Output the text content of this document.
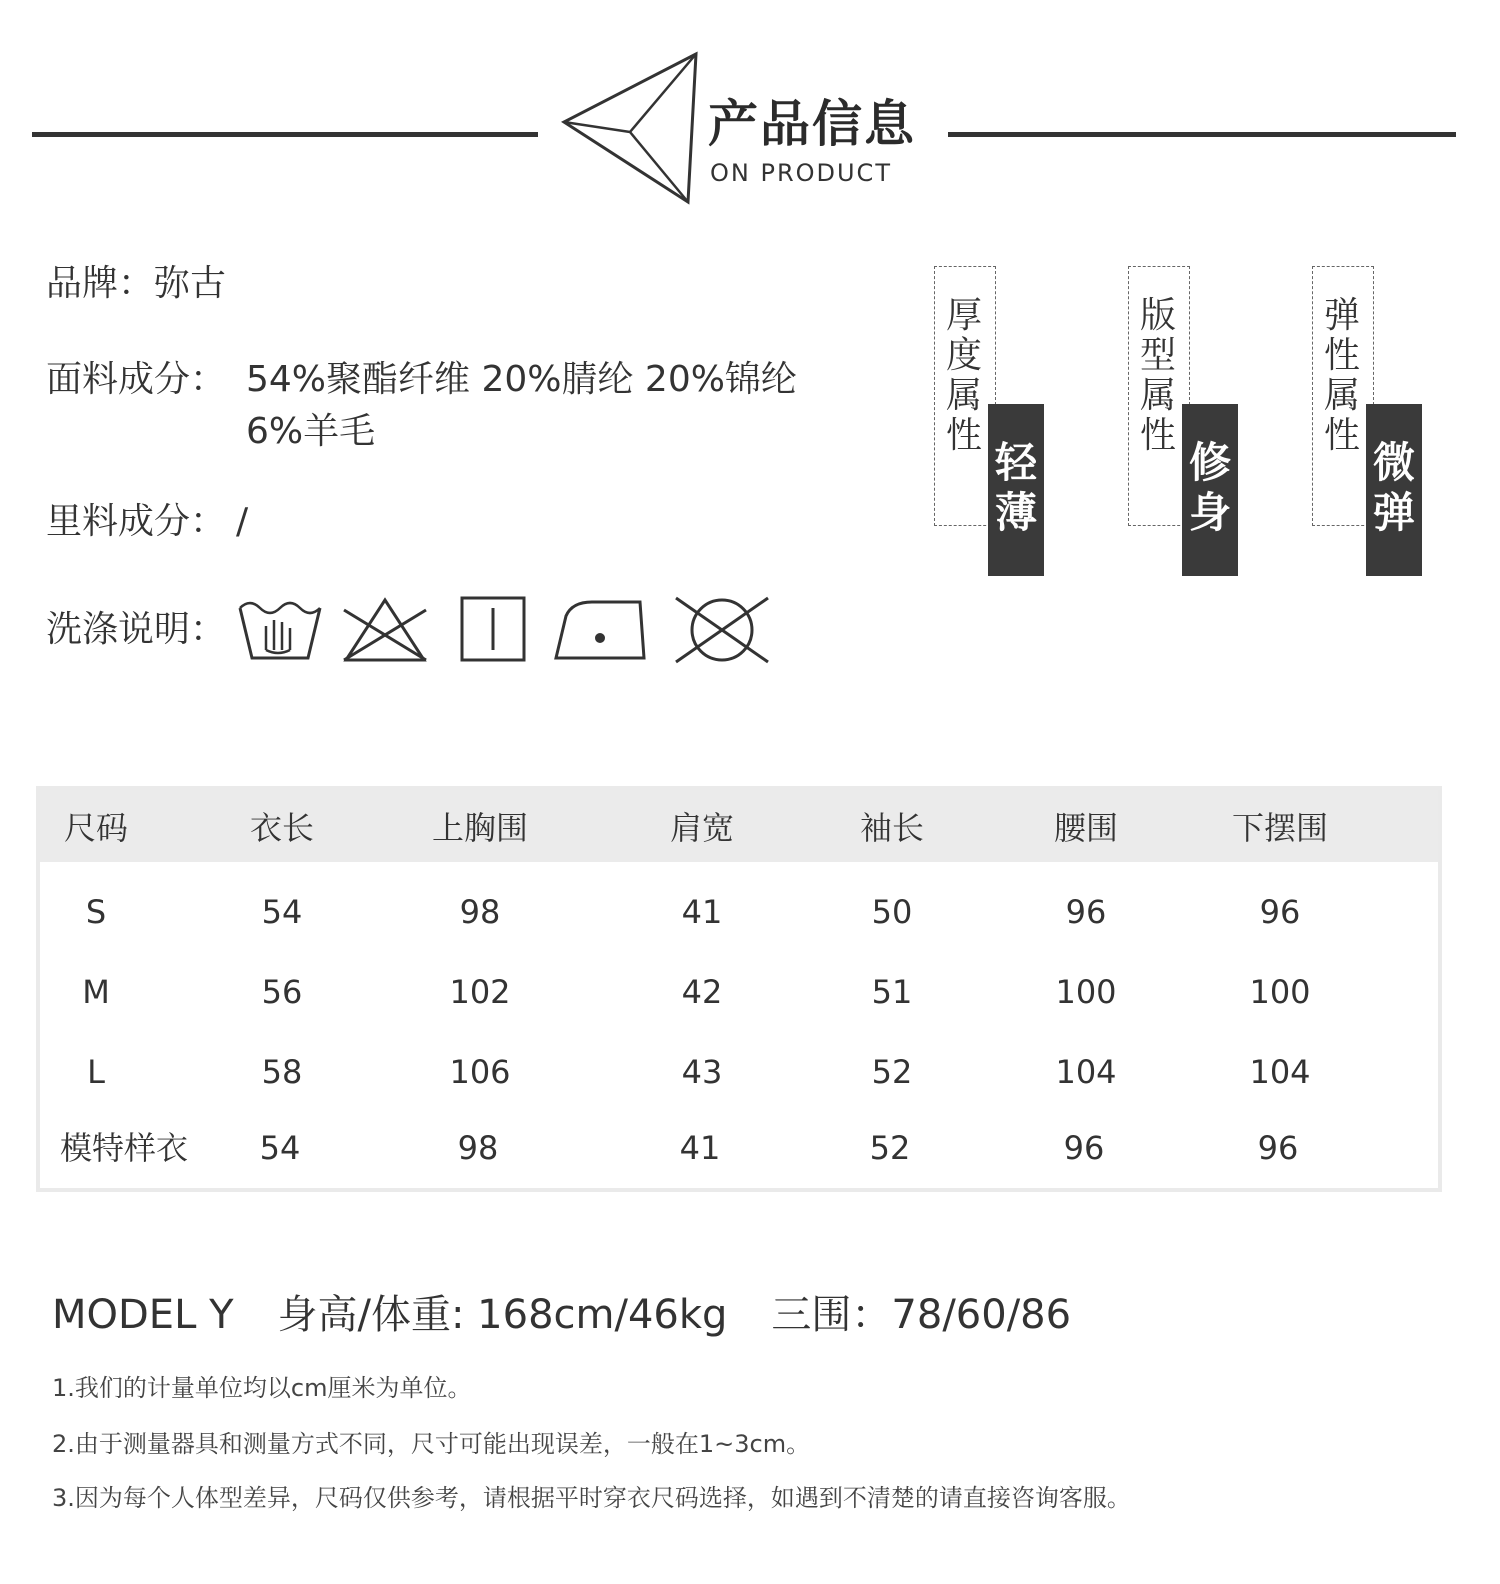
产品信息
ON PRODUCT
品牌：弥古
面料成分： 54%聚酯纤维 20%腈纶 20%锦纶
6%羊毛
里料成分： /
洗涤说明：
厚度属性
轻薄
版型属性
修身
弹性属性
微弹
尺码	衣长	上胸围	肩宽	袖长	腰围	下摆围
S	54	98	41	50	96	96
M	56	102	42	51	100	100
L	58	106	43	52	104	104
模特样衣 54	98	41	52	96	96
MODEL Y 身高/体重: 168cm/46kg 三围：78/60/86
1.我们的计量单位均以cm厘米为单位。
2.由于测量器具和测量方式不同，尺寸可能出现误差，一般在1~3cm。
3.因为每个人体型差异，尺码仅供参考，请根据平时穿衣尺码选择，如遇到不清楚的请直接咨询客服。
